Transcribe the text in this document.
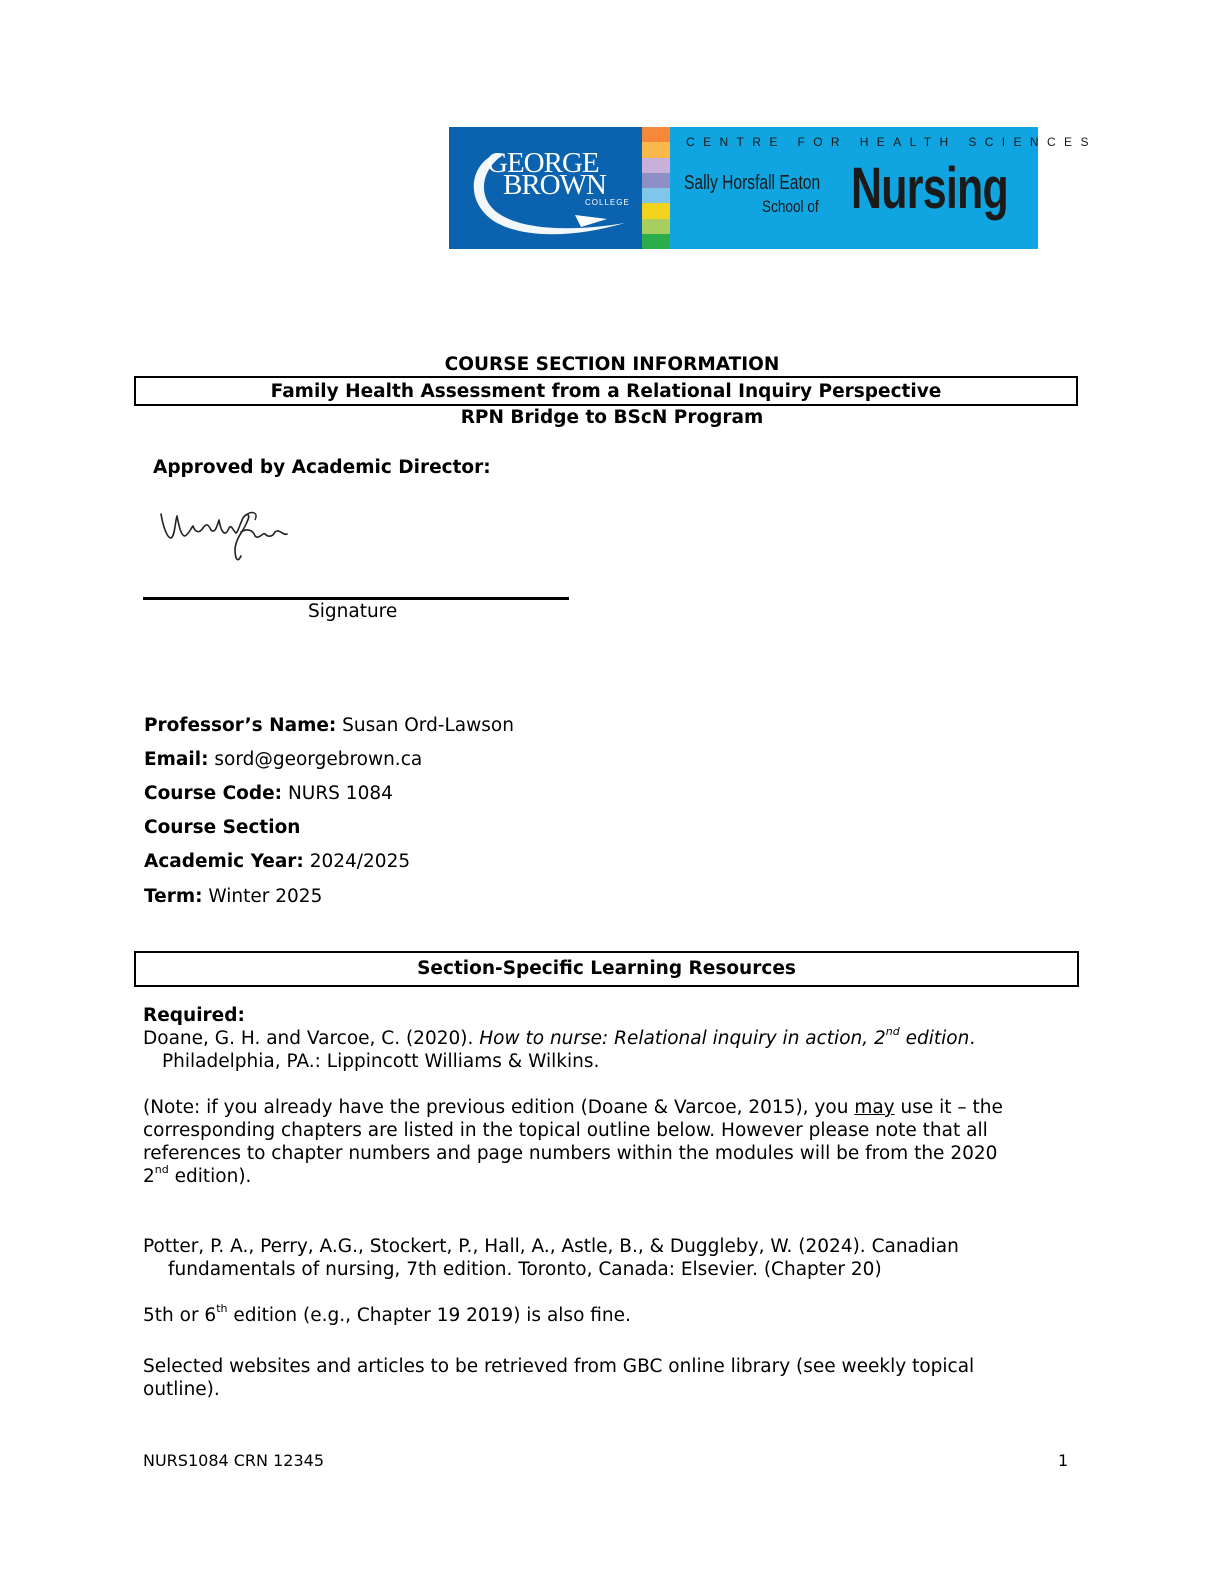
GEORGE
BROWN
COLLEGE
CENTRE FOR HEALTH SCIENCES
Sally Horsfall Eaton
School of Nursing
COURSE SECTION INFORMATION
Family Health Assessment from a Relational Inquiry Perspective
RPN Bridge to BScN Program
Approved by Academic Director:
Signature
Professor’s Name: Susan Ord-Lawson
Email: sord@georgebrown.ca
Course Code: NURS 1084
Course Section
Academic Year: 2024/2025
Term: Winter 2025
Section-Specific Learning Resources
Required:
Doane, G. H. and Varcoe, C. (2020). How to nurse: Relational inquiry in action, 2nd edition.
Philadelphia, PA.: Lippincott Williams & Wilkins.
(Note: if you already have the previous edition (Doane & Varcoe, 2015), you may use it – the
corresponding chapters are listed in the topical outline below. However please note that all
references to chapter numbers and page numbers within the modules will be from the 2020
2nd edition).
Potter, P. A., Perry, A.G., Stockert, P., Hall, A., Astle, B., & Duggleby, W. (2024). Canadian
fundamentals of nursing, 7th edition. Toronto, Canada: Elsevier. (Chapter 20)
5th or 6th edition (e.g., Chapter 19 2019) is also fine.
Selected websites and articles to be retrieved from GBC online library (see weekly topical
outline).
NURS1084 CRN 12345	1
